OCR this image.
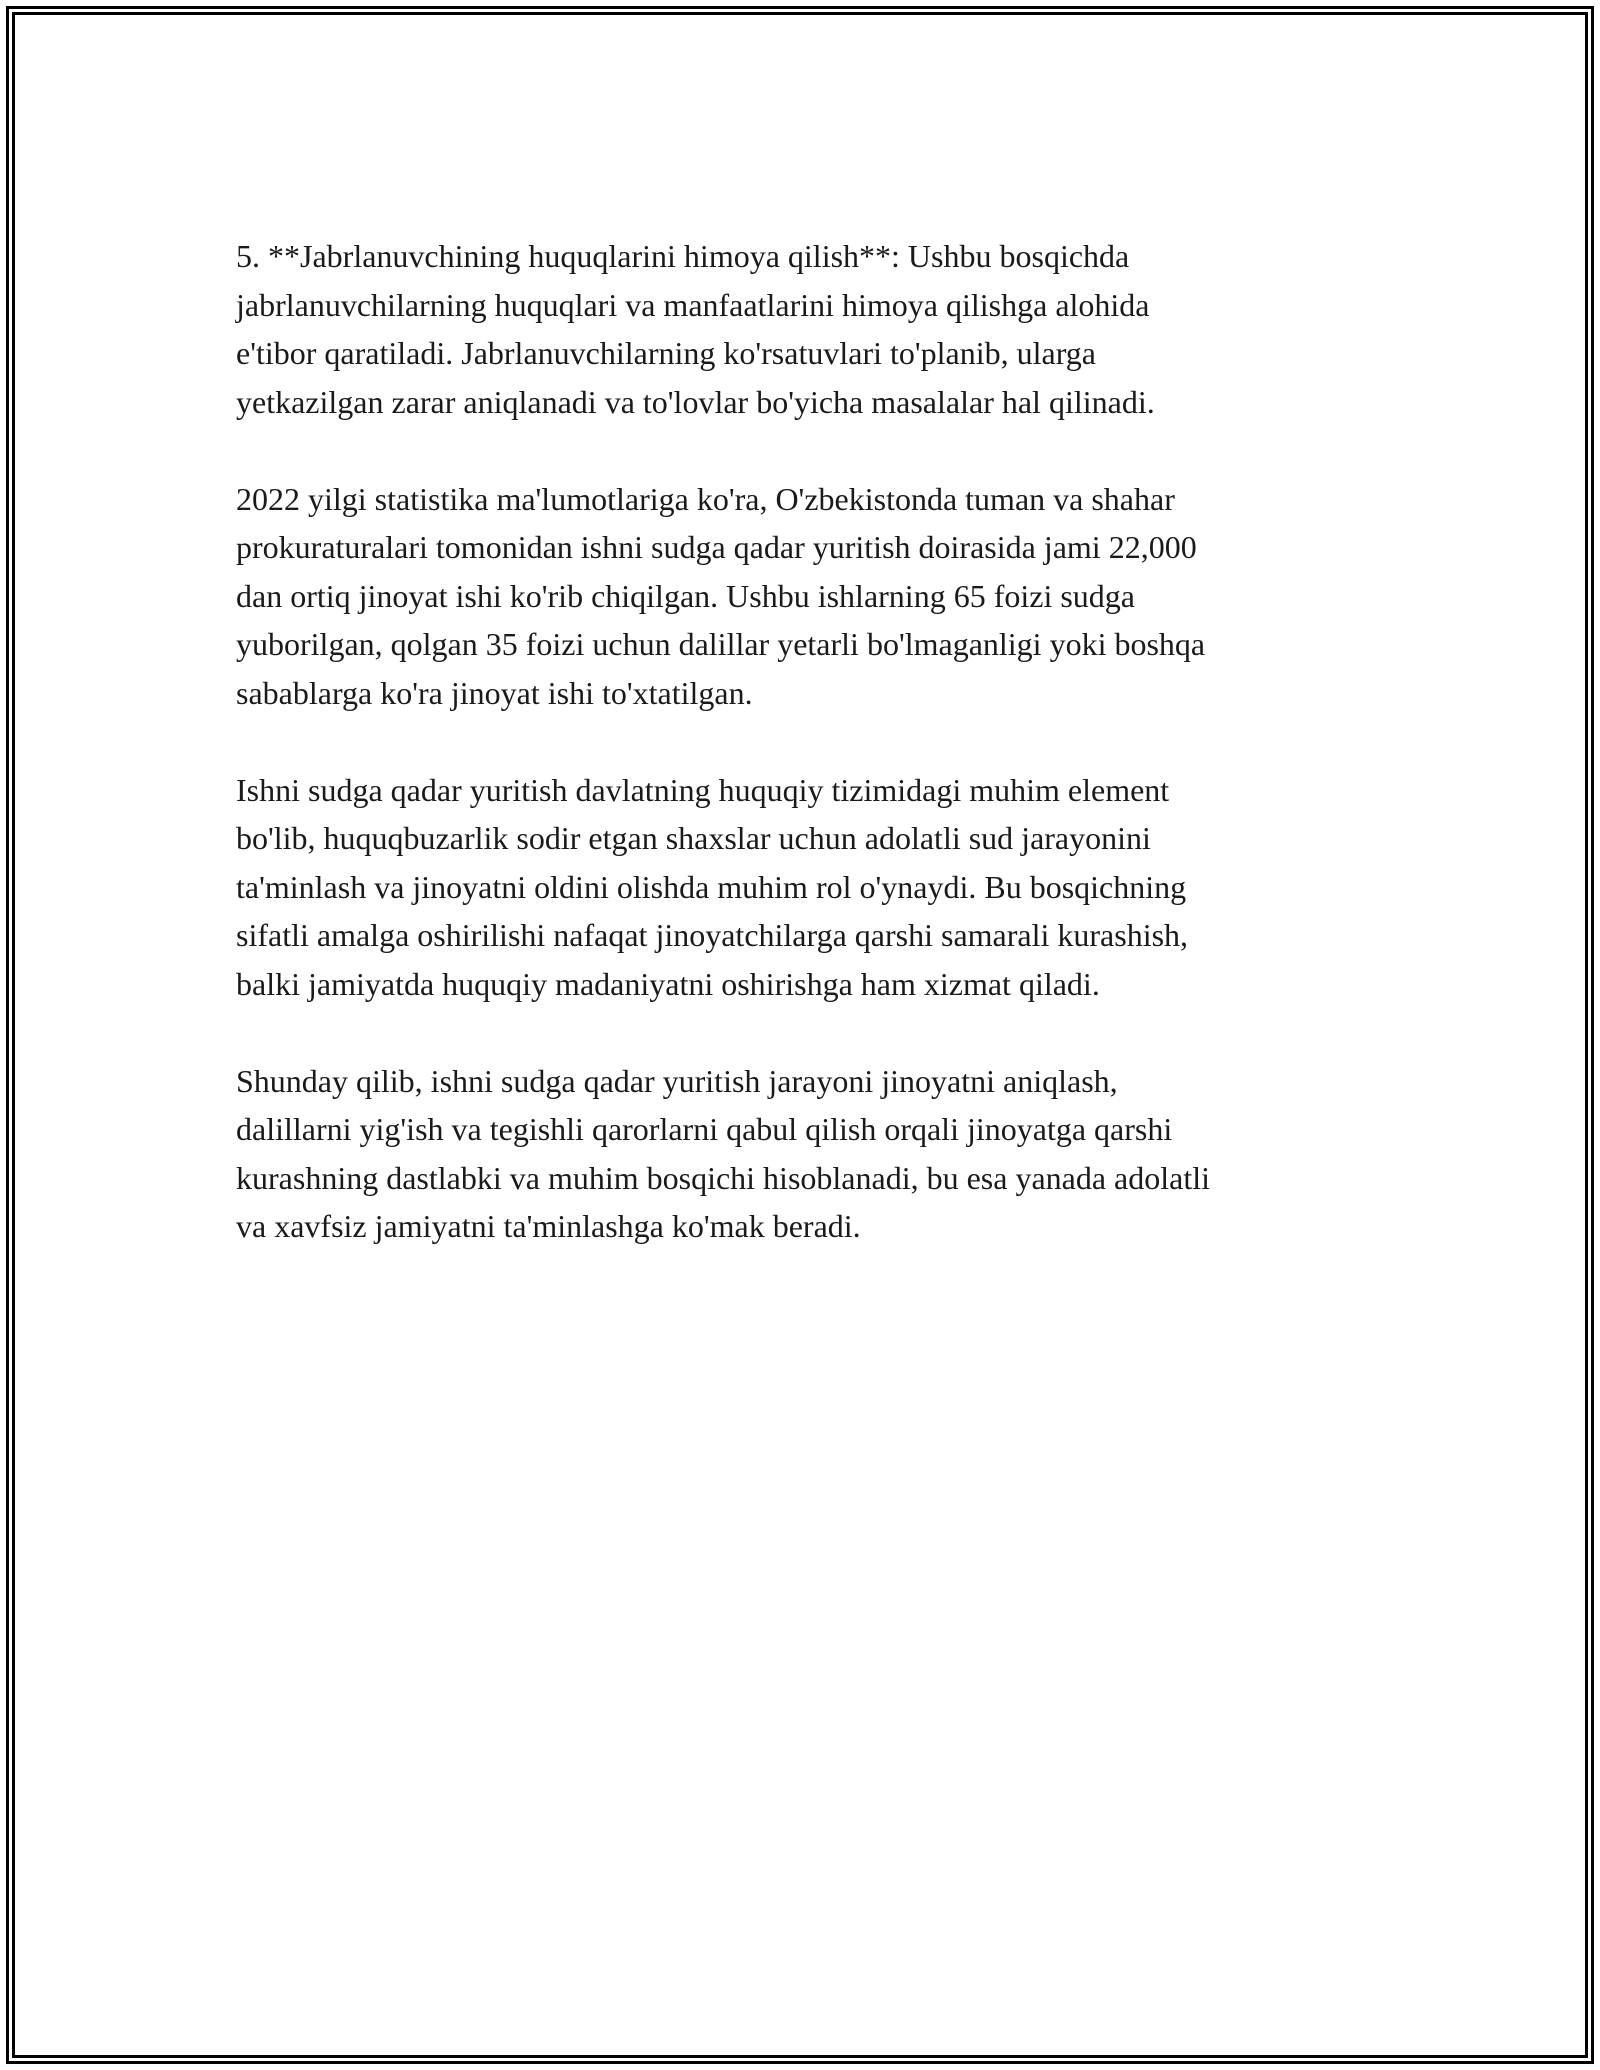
5. **Jabrlanuvchining huquqlarini himoya qilish**: Ushbu bosqichda
jabrlanuvchilarning huquqlari va manfaatlarini himoya qilishga alohida
e'tibor qaratiladi. Jabrlanuvchilarning ko'rsatuvlari to'planib, ularga
yetkazilgan zarar aniqlanadi va to'lovlar bo'yicha masalalar hal qilinadi.

2022 yilgi statistika ma'lumotlariga ko'ra, O'zbekistonda tuman va shahar
prokuraturalari tomonidan ishni sudga qadar yuritish doirasida jami 22,000
dan ortiq jinoyat ishi ko'rib chiqilgan. Ushbu ishlarning 65 foizi sudga
yuborilgan, qolgan 35 foizi uchun dalillar yetarli bo'lmaganligi yoki boshqa
sabablarga ko'ra jinoyat ishi to'xtatilgan.

Ishni sudga qadar yuritish davlatning huquqiy tizimidagi muhim element
bo'lib, huquqbuzarlik sodir etgan shaxslar uchun adolatli sud jarayonini
ta'minlash va jinoyatni oldini olishda muhim rol o'ynaydi. Bu bosqichning
sifatli amalga oshirilishi nafaqat jinoyatchilarga qarshi samarali kurashish,
balki jamiyatda huquqiy madaniyatni oshirishga ham xizmat qiladi.

Shunday qilib, ishni sudga qadar yuritish jarayoni jinoyatni aniqlash,
dalillarni yig'ish va tegishli qarorlarni qabul qilish orqali jinoyatga qarshi
kurashning dastlabki va muhim bosqichi hisoblanadi, bu esa yanada adolatli
va xavfsiz jamiyatni ta'minlashga ko'mak beradi.
